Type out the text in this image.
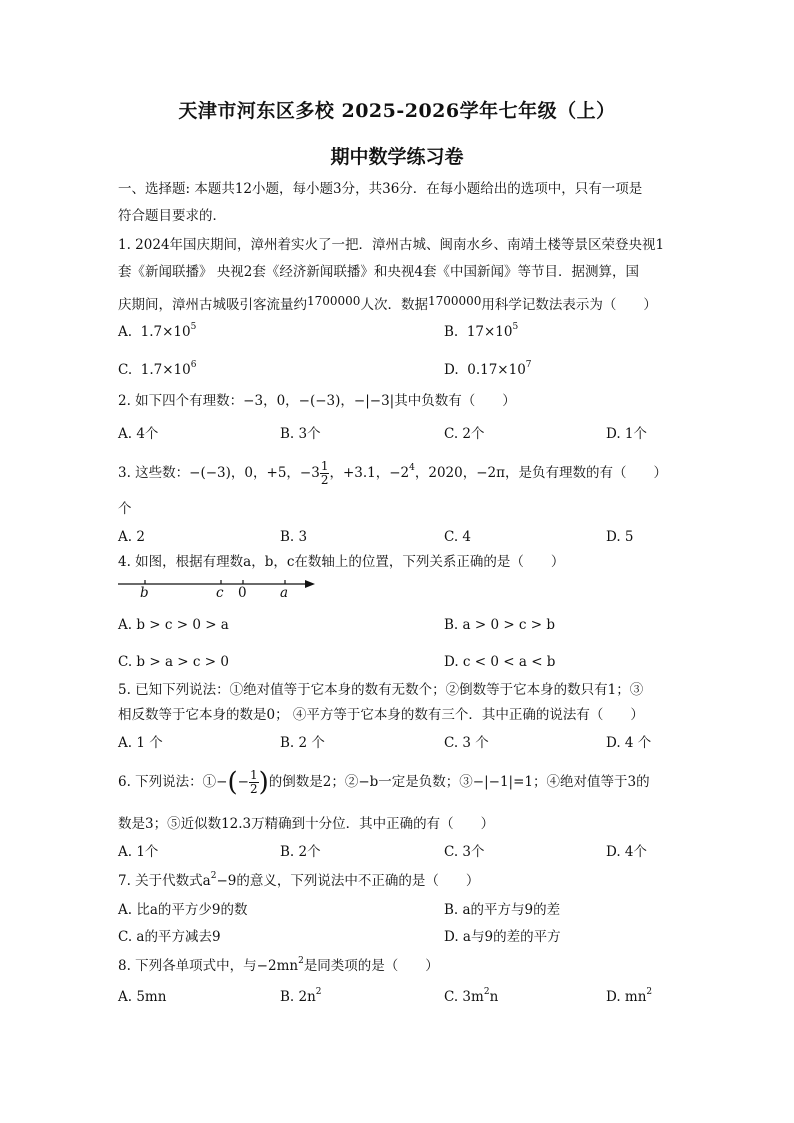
天津市河东区多校 2025-2026学年七年级（上）
期中数学练习卷
一、选择题: 本题共12小题，每小题3分，共36分．在每小题给出的选项中，只有一项是
符合题目要求的．
1. 2024年国庆期间，漳州着实火了一把．漳州古城、闽南水乡、南靖土楼等景区荣登央视1
套《新闻联播》 央视2套《经济新闻联播》和央视4套《中国新闻》等节目．据测算，国
庆期间，漳州古城吸引客流量约1700000人次．数据1700000用科学记数法表示为（　　）
A. $1.7\times 10^5$	B. $17\times 10^5$
C. $1.7\times 10^6$	D. $0.17\times 10^7$
2. 如下四个有理数：−3，0，−(−3)，−|−3|其中负数有（　　）
A. 4个	B. 3个	C. 2个	D. 1个
3. 这些数：−(−3)，0，+5，$-3 \frac{1}{2}$ ，+3.1，$-2^4$，2020，−2π，是负有理数的有（　　）
个
A. 2	B. 3	C. 4	D. 5
4. 如图，根据有理数a，b，c在数轴上的位置，下列关系正确的是（　　）
b	c 0 a
A. b > c > 0 > a	B. a > 0 > c > b
C. b > a > c > 0	D. c < 0 < a < b
5. 已知下列说法：①绝对值等于它本身的数有无数个；②倒数等于它本身的数只有1；③
相反数等于它本身的数是0； ④平方等于它本身的数有三个．其中正确的说法有（　　）
A. 1 个	B. 2 个	C. 3 个	D. 4 个
6. 下列说法：①−(− $\frac{1}{2}$ )的倒数是2；②−b一定是负数；③−|−1|=1；④绝对值等于3的
数是3；⑤近似数12.3万精确到十分位．其中正确的有（　　）
A. 1个	B. 2个	C. 3个	D. 4个
7. 关于代数式$a^2-9$的意义，下列说法中不正确的是（　　）
A. 比a的平方少9的数	B. a的平方与9的差
C. a的平方减去9	D. a与9的差的平方
8. 下列各单项式中，与$-2mn^2$是同类项的是（　　）
A. 5mn	B. $2n^2$	C. $3m^2n$	D. $mn^2$
